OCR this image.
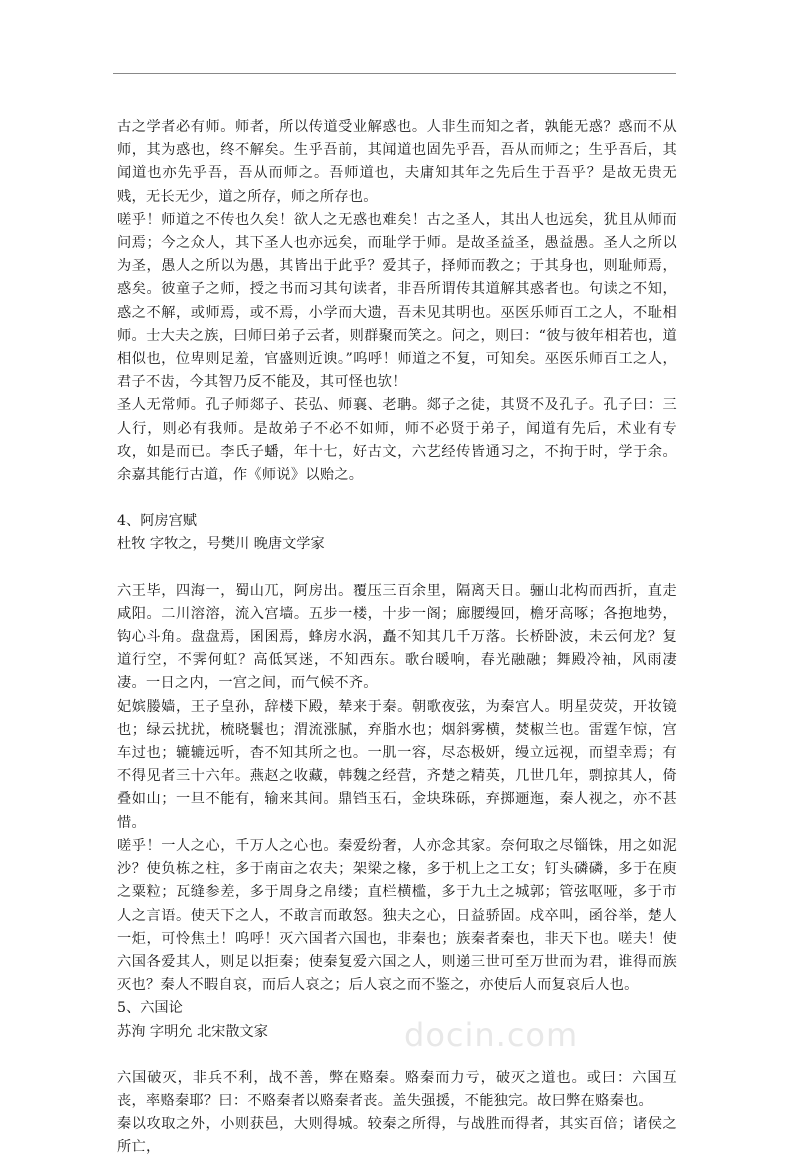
古之学者必有师。师者，所以传道受业解惑也。人非生而知之者，孰能无惑？惑而不从师，其为惑也，终不解矣。生乎吾前，其闻道也固先乎吾，吾从而师之；生乎吾后，其闻道也亦先乎吾，吾从而师之。吾师道也，夫庸知其年之先后生于吾乎？是故无贵无贱，无长无少，道之所存，师之所存也。

嗟乎！师道之不传也久矣！欲人之无惑也难矣！古之圣人，其出人也远矣，犹且从师而问焉；今之众人，其下圣人也亦远矣，而耻学于师。是故圣益圣，愚益愚。圣人之所以为圣，愚人之所以为愚，其皆出于此乎？爱其子，择师而教之；于其身也，则耻师焉，惑矣。彼童子之师，授之书而习其句读者，非吾所谓传其道解其惑者也。句读之不知，惑之不解，或师焉，或不焉，小学而大遗，吾未见其明也。巫医乐师百工之人，不耻相师。士大夫之族，曰师曰弟子云者，则群聚而笑之。问之，则曰：“彼与彼年相若也，道相似也，位卑则足羞，官盛则近谀。”呜呼！师道之不复，可知矣。巫医乐师百工之人，君子不齿，今其智乃反不能及，其可怪也欤！

圣人无常师。孔子师郯子、苌弘、师襄、老聃。郯子之徒，其贤不及孔子。孔子曰：三人行，则必有我师。是故弟子不必不如师，师不必贤于弟子，闻道有先后，术业有专攻，如是而已。李氏子蟠，年十七，好古文，六艺经传皆通习之，不拘于时，学于余。余嘉其能行古道，作《师说》以贻之。

4、阿房宫赋

杜牧 字牧之，号樊川 晚唐文学家

六王毕，四海一，蜀山兀，阿房出。覆压三百余里，隔离天日。骊山北构而西折，直走咸阳。二川溶溶，流入宫墙。五步一楼，十步一阁；廊腰缦回，檐牙高啄；各抱地势，钩心斗角。盘盘焉，囷囷焉，蜂房水涡，矗不知其几千万落。长桥卧波，未云何龙？复道行空，不霁何虹？高低冥迷，不知西东。歌台暖响，春光融融；舞殿冷袖，风雨凄凄。一日之内，一宫之间，而气候不齐。

妃嫔媵嫱，王子皇孙，辞楼下殿，辇来于秦。朝歌夜弦，为秦宫人。明星荧荧，开妆镜也；绿云扰扰，梳晓鬟也；渭流涨腻，弃脂水也；烟斜雾横，焚椒兰也。雷霆乍惊，宫车过也；辘辘远听，杳不知其所之也。一肌一容，尽态极妍，缦立远视，而望幸焉；有不得见者三十六年。燕赵之收藏，韩魏之经营，齐楚之精英，几世几年，剽掠其人，倚叠如山；一旦不能有，输来其间。鼎铛玉石，金块珠砾，弃掷逦迤，秦人视之，亦不甚惜。

嗟乎！一人之心，千万人之心也。秦爱纷奢，人亦念其家。奈何取之尽锱铢，用之如泥沙？使负栋之柱，多于南亩之农夫；架梁之椽，多于机上之工女；钉头磷磷，多于在庾之粟粒；瓦缝参差，多于周身之帛缕；直栏横槛，多于九土之城郭；管弦呕哑，多于市人之言语。使天下之人，不敢言而敢怒。独夫之心，日益骄固。戍卒叫，函谷举，楚人一炬，可怜焦土！呜呼！灭六国者六国也，非秦也；族秦者秦也，非天下也。嗟夫！使六国各爱其人，则足以拒秦；使秦复爱六国之人，则递三世可至万世而为君，谁得而族灭也？秦人不暇自哀，而后人哀之；后人哀之而不鉴之，亦使后人而复哀后人也。

5、六国论

苏洵 字明允 北宋散文家

六国破灭，非兵不利，战不善，弊在赂秦。赂秦而力亏，破灭之道也。或曰：六国互丧，率赂秦耶？曰：不赂秦者以赂秦者丧。盖失强援，不能独完。故曰弊在赂秦也。

秦以攻取之外，小则获邑，大则得城。较秦之所得，与战胜而得者，其实百倍；诸侯之所亡，

docin.com
